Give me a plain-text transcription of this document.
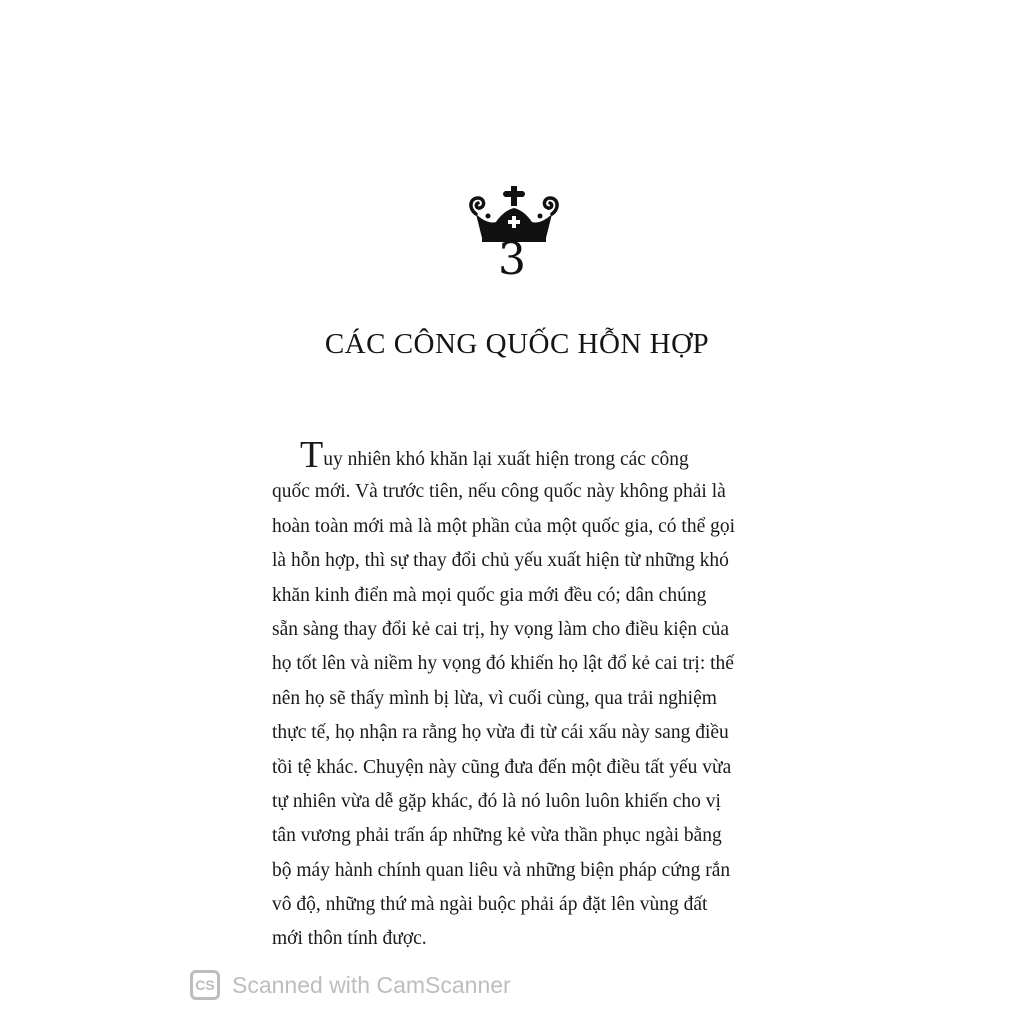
3
CÁC CÔNG QUỐC HỖN HỢP
Tuy nhiên khó khăn lại xuất hiện trong các công
quốc mới. Và trước tiên, nếu công quốc này không phải là
hoàn toàn mới mà là một phần của một quốc gia, có thể gọi
là hỗn hợp, thì sự thay đổi chủ yếu xuất hiện từ những khó
khăn kinh điển mà mọi quốc gia mới đều có; dân chúng
sẵn sàng thay đổi kẻ cai trị, hy vọng làm cho điều kiện của
họ tốt lên và niềm hy vọng đó khiến họ lật đổ kẻ cai trị: thế
nên họ sẽ thấy mình bị lừa, vì cuối cùng, qua trải nghiệm
thực tế, họ nhận ra rằng họ vừa đi từ cái xấu này sang điều
tồi tệ khác. Chuyện này cũng đưa đến một điều tất yếu vừa
tự nhiên vừa dễ gặp khác, đó là nó luôn luôn khiến cho vị
tân vương phải trấn áp những kẻ vừa thần phục ngài bằng
bộ máy hành chính quan liêu và những biện pháp cứng rắn
vô độ, những thứ mà ngài buộc phải áp đặt lên vùng đất
mới thôn tính được.
CS Scanned with CamScanner
